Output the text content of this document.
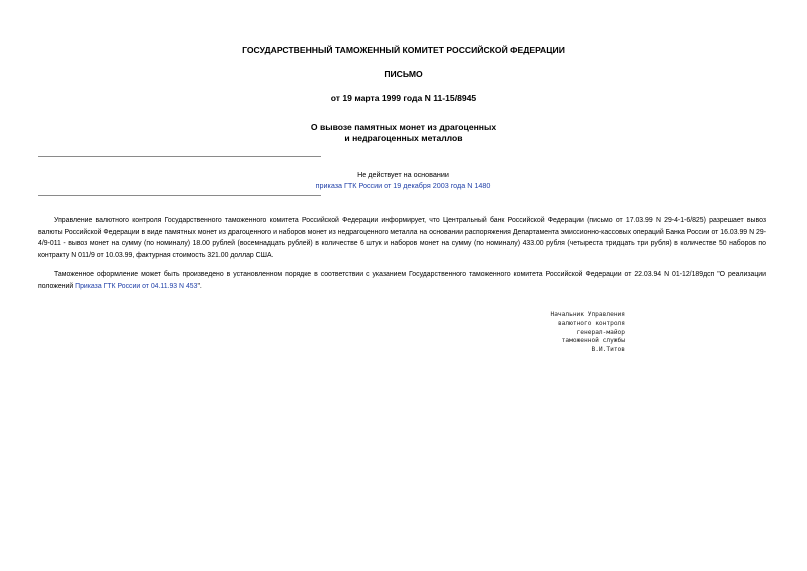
ГОСУДАРСТВЕННЫЙ ТАМОЖЕННЫЙ КОМИТЕТ РОССИЙСКОЙ ФЕДЕРАЦИИ
ПИСЬМО
от 19 марта 1999 года N 11-15/8945
О вывозе памятных монет из драгоценных
и недрагоценных металлов
Не действует на основании
приказа ГТК России от 19 декабря 2003 года N 1480

Управление валютного контроля Государственного таможенного комитета Российской Федерации информирует, что Центральный банк Российской Федерации (письмо от 17.03.99 N 29-4-1-6/825) разрешает вывоз валюты Российской Федерации в виде памятных монет из драгоценного и наборов монет из недрагоценного металла на основании распоряжения Департамента эмиссионно-кассовых операций Банка России от 16.03.99 N 29-4/9-011 - вывоз монет на сумму (по номиналу) 18.00 рублей (восемнадцать рублей) в количестве 6 штук и наборов монет на сумму (по номиналу) 433.00 рубля (четыреста тридцать три рубля) в количестве 50 наборов по контракту N 011/9 от 10.03.99, фактурная стоимость 321.00 доллар США.

Таможенное оформление может быть произведено в установленном порядке в соответствии с указанием Государственного таможенного комитета Российской Федерации от 22.03.94 N 01-12/189дсп "О реализации положений Приказа ГТК России от 04.11.93 N 453".

Начальник Управления
валютного контроля
генерал-майор
таможенной службы
В.И.Титов
